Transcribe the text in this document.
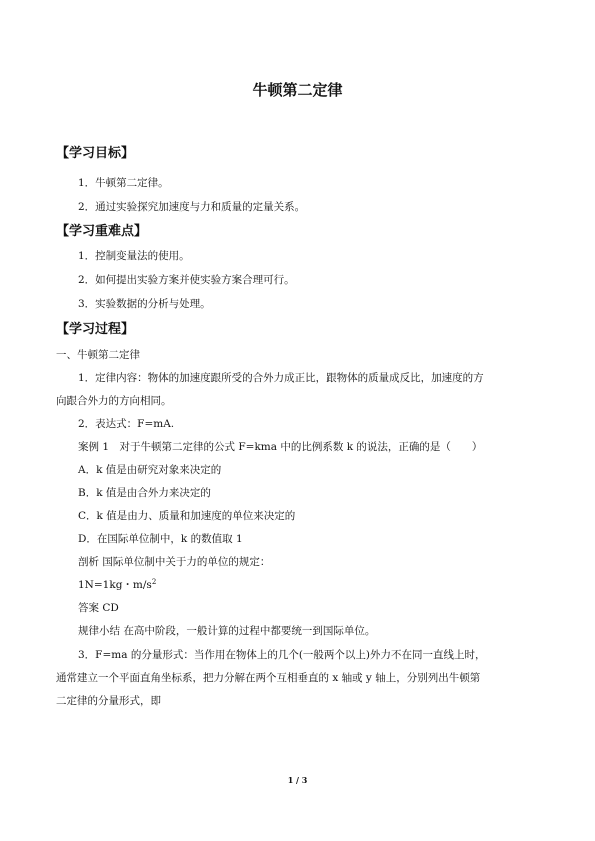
牛顿第二定律
【学习目标】
1．牛顿第二定律。
2．通过实验探究加速度与力和质量的定量关系。
【学习重难点】
1．控制变量法的使用。
2．如何提出实验方案并使实验方案合理可行。
3．实验数据的分析与处理。
【学习过程】
一、牛顿第二定律
1．定律内容：物体的加速度跟所受的合外力成正比，跟物体的质量成反比，加速度的方
向跟合外力的方向相同。
2．表达式：F=mA.
案例 1　对于牛顿第二定律的公式 F=kma 中的比例系数 k 的说法，正确的是（　　）
A．k 值是由研究对象来决定的
B．k 值是由合外力来决定的
C．k 值是由力、质量和加速度的单位来决定的
D．在国际单位制中，k 的数值取 1
剖析 国际单位制中关于力的单位的规定：
1N=1kg・$m/s^2$
答案 CD
规律小结 在高中阶段，一般计算的过程中都要统一到国际单位。
3．F=ma 的分量形式：当作用在物体上的几个(一般两个以上)外力不在同一直线上时，
通常建立一个平面直角坐标系，把力分解在两个互相垂直的 x 轴或 y 轴上，分别列出牛顿第
二定律的分量形式，即
1 / 3
